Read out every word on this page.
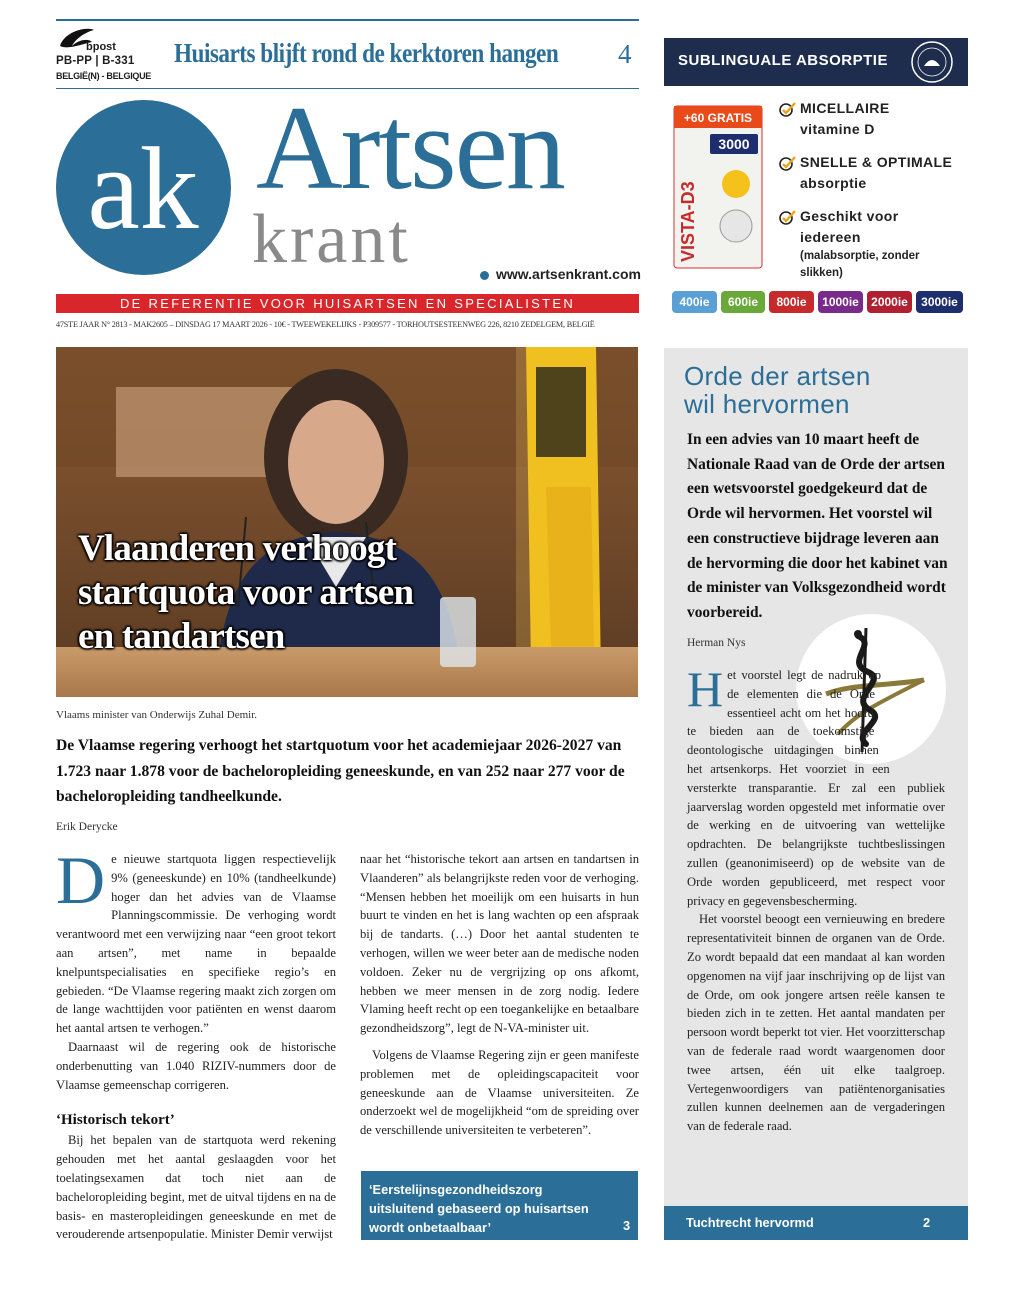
bpost
PB-PP | B-331
BELGIË(N) - BELGIQUE
Huisarts blijft rond de kerktoren hangen 4
ak Artsen
krant	www.artsenkrant.com
DE REFERENTIE VOOR HUISARTSEN EN SPECIALISTEN
47STE JAAR N° 2813 - MAK2605 – DINSDAG 17 MAART 2026 - 10€ - TWEEWEKELIJKS - P309577 - TORHOUTSESTEENWEG 226, 8210 ZEDELGEM, BELGIË
SUBLINGUALE ABSORPTIE
+60 GRATIS
3000
VISTA-D3
MICELLAIRE
vitamine D
SNELLE & OPTIMALE
absorptie
Geschikt voor
iedereen
(malabsorptie, zonder
slikken)
400ie	600ie	800ie	1000ie	2000ie	3000ie
Vlaanderen verhoogt startquota voor artsen en tandartsen
Vlaams minister van Onderwijs Zuhal Demir.
De Vlaamse regering verhoogt het startquotum voor het academiejaar 2026-2027 van 1.723 naar 1.878 voor de bacheloropleiding geneeskunde, en van 252 naar 277 voor de bacheloropleiding tandheelkunde.
Erik Derycke
D e nieuwe startquota liggen respectievelijk 9% (geneeskunde) en 10% (tandheelkunde) hoger dan het advies van de Vlaamse Planningscommissie. De verhoging wordt verantwoord met een verwijzing naar “een groot tekort aan artsen”, met name in bepaalde knelpuntspecialisaties en specifieke regio’s en gebieden. “De Vlaamse regering maakt zich zorgen om de lange wachttijden voor patiënten en wenst daarom het aantal artsen te verhogen.”

Daarnaast wil de regering ook de historische onderbenutting van 1.040 RIZIV-nummers door de Vlaamse gemeenschap corrigeren.

‘Historisch tekort’

Bij het bepalen van de startquota werd rekening gehouden met het aantal geslaagden voor het toelatingsexamen dat toch niet aan de bacheloropleiding begint, met de uitval tijdens en na de basis- en masteropleidingen geneeskunde en met de verouderende artsenpopulatie. Minister Demir verwijst

naar het “historische tekort aan artsen en tandartsen in Vlaanderen” als belangrijkste reden voor de verhoging. “Mensen hebben het moeilijk om een huisarts in hun buurt te vinden en het is lang wachten op een afspraak bij de tandarts. (…) Door het aantal studenten te verhogen, willen we weer beter aan de medische noden voldoen. Zeker nu de vergrijzing op ons afkomt, hebben we meer mensen in de zorg nodig. Iedere Vlaming heeft recht op een toegankelijke en betaalbare gezondheidszorg”, legt de N-VA-minister uit.

Volgens de Vlaamse Regering zijn er geen manifeste problemen met de opleidingscapaciteit voor geneeskunde aan de Vlaamse universiteiten. Ze onderzoekt wel de mogelijkheid “om de spreiding over de verschillende universiteiten te verbeteren”.

‘Eerstelijnsgezondheidszorg uitsluitend gebaseerd op huisartsen wordt onbetaalbaar’	3
Orde der artsen
wil hervormen
In een advies van 10 maart heeft de Nationale Raad van de Orde der artsen een wetsvoorstel goedgekeurd dat de Orde wil hervormen. Het voorstel wil een constructieve bijdrage leveren aan de hervorming die door het kabinet van de minister van Volksgezondheid wordt voorbereid.
Herman Nys
H et voorstel legt de nadruk op de elementen die de Orde essentieel acht om het hoofd te bieden aan de toekomstige deontologische uitdagingen binnen het artsenkorps. Het voorziet in een versterkte transparantie. Er zal een publiek jaarverslag worden opgesteld met informatie over de werking en de uitvoering van wettelijke opdrachten. De belangrijkste tuchtbeslissingen zullen (geanonimiseerd) op de website van de Orde worden gepubliceerd, met respect voor privacy en gegevensbescherming.

Het voorstel beoogt een vernieuwing en bredere representativiteit binnen de organen van de Orde. Zo wordt bepaald dat een mandaat al kan worden opgenomen na vijf jaar inschrijving op de lijst van de Orde, om ook jongere artsen reële kansen te bieden zich in te zetten. Het aantal mandaten per persoon wordt beperkt tot vier. Het voorzitterschap van de federale raad wordt waargenomen door twee artsen, één uit elke taalgroep. Vertegenwoordigers van patiëntenorganisaties zullen kunnen deelnemen aan de vergaderingen van de federale raad.

Tuchtrecht hervormd	2
